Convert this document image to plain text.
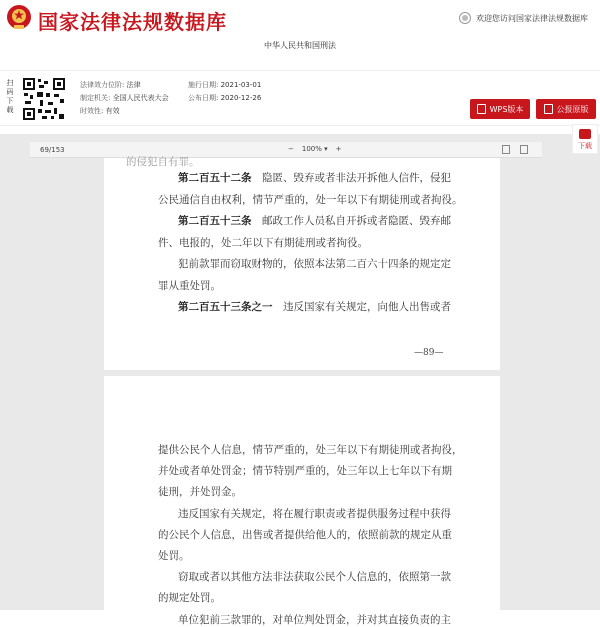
国家法律法规数据库	欢迎您访问国家法律法规数据库
中华人民共和国刑法
扫码下载
法律效力位阶: 法律
制定机关: 全国人民代表大会
时效性: 有效
施行日期: 2021-03-01
公布日期: 2020-12-26
WPS版本	公报原版
下载
69/153	− 100% ▾ +
的侵犯自有罪。
第二百五十二条　 隐匿、毁弃或者非法开拆他人信件，侵犯
公民通信自由权利，情节严重的，处一年以下有期徒刑或者拘役。
第二百五十三条　 邮政工作人员私自开拆或者隐匿、毁弃邮
件、电报的，处二年以下有期徒刑或者拘役。
犯前款罪而窃取财物的，依照本法第二百六十四条的规定定
罪从重处罚。
第二百五十三条之一　 违反国家有关规定，向他人出售或者
—89—
提供公民个人信息，情节严重的，处三年以下有期徒刑或者拘役，
并处或者单处罚金；情节特别严重的，处三年以上七年以下有期
徒刑，并处罚金。
违反国家有关规定，将在履行职责或者提供服务过程中获得
的公民个人信息，出售或者提供给他人的，依照前款的规定从重
处罚。
窃取或者以其他方法非法获取公民个人信息的，依照第一款
的规定处罚。
单位犯前三款罪的，对单位判处罚金，并对其直接负责的主
